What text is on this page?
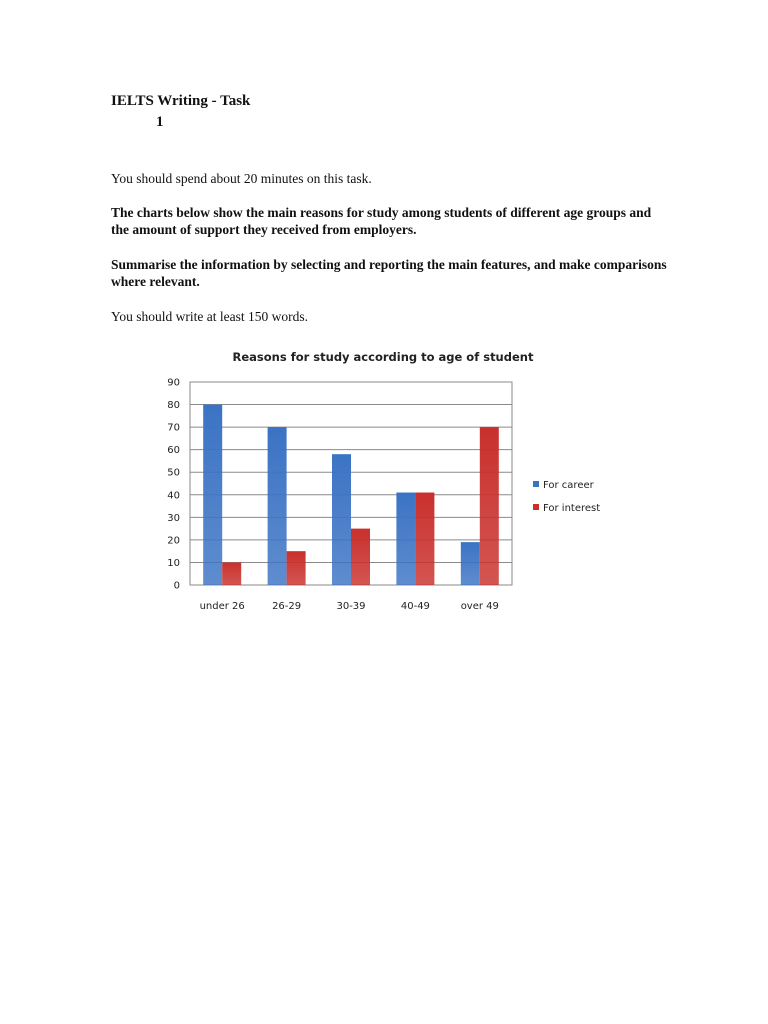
IELTS Writing - Task
1

You should spend about 20 minutes on this task.

The charts below show the main reasons for study among students of different age groups and the amount of support they received from employers.

Summarise the information by selecting and reporting the main features, and make comparisons where relevant.

You should write at least 150 words.

Reasons for study according to age of student
0
10
20
30
40
50
60
70
80
90
under 26	26-29	30-39	40-49	over 49
For career
For interest
